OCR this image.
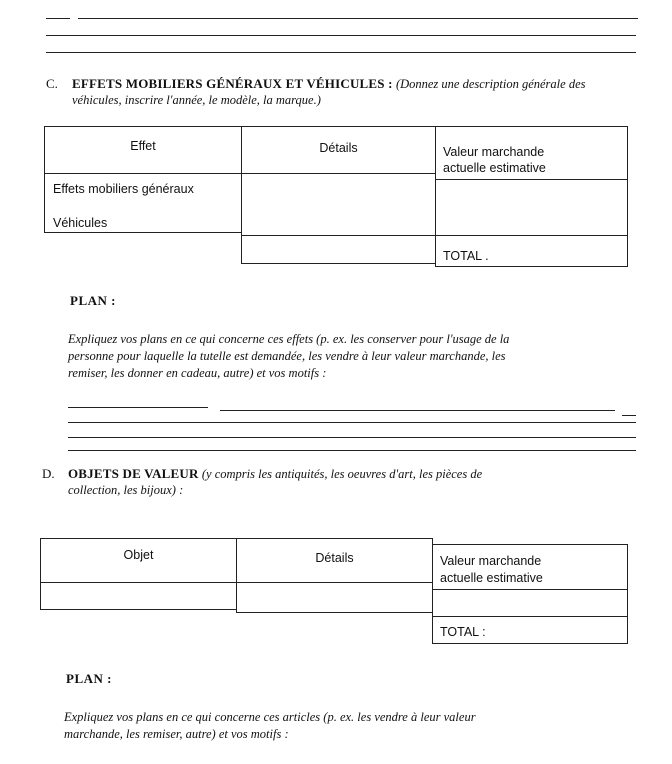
C. EFFETS MOBILIERS GÉNÉRAUX ET VÉHICULES : (Donnez une description générale des véhicules, inscrire l'année, le modèle, la marque.)
Effet	Détails	Valeur marchande
actuelle estimative
Effets mobiliers généraux
Véhicules
TOTAL .
PLAN :
Expliquez vos plans en ce qui concerne ces effets (p. ex. les conserver pour l'usage de la
personne pour laquelle la tutelle est demandée, les vendre à leur valeur marchande, les
remiser, les donner en cadeau, autre) et vos motifs :
D. OBJETS DE VALEUR (y compris les antiquités, les oeuvres d'art, les pièces de
collection, les bijoux) :
Objet	Détails	Valeur marchande
actuelle estimative
TOTAL :
PLAN :
Expliquez vos plans en ce qui concerne ces articles (p. ex. les vendre à leur valeur
marchande, les remiser, autre) et vos motifs :
